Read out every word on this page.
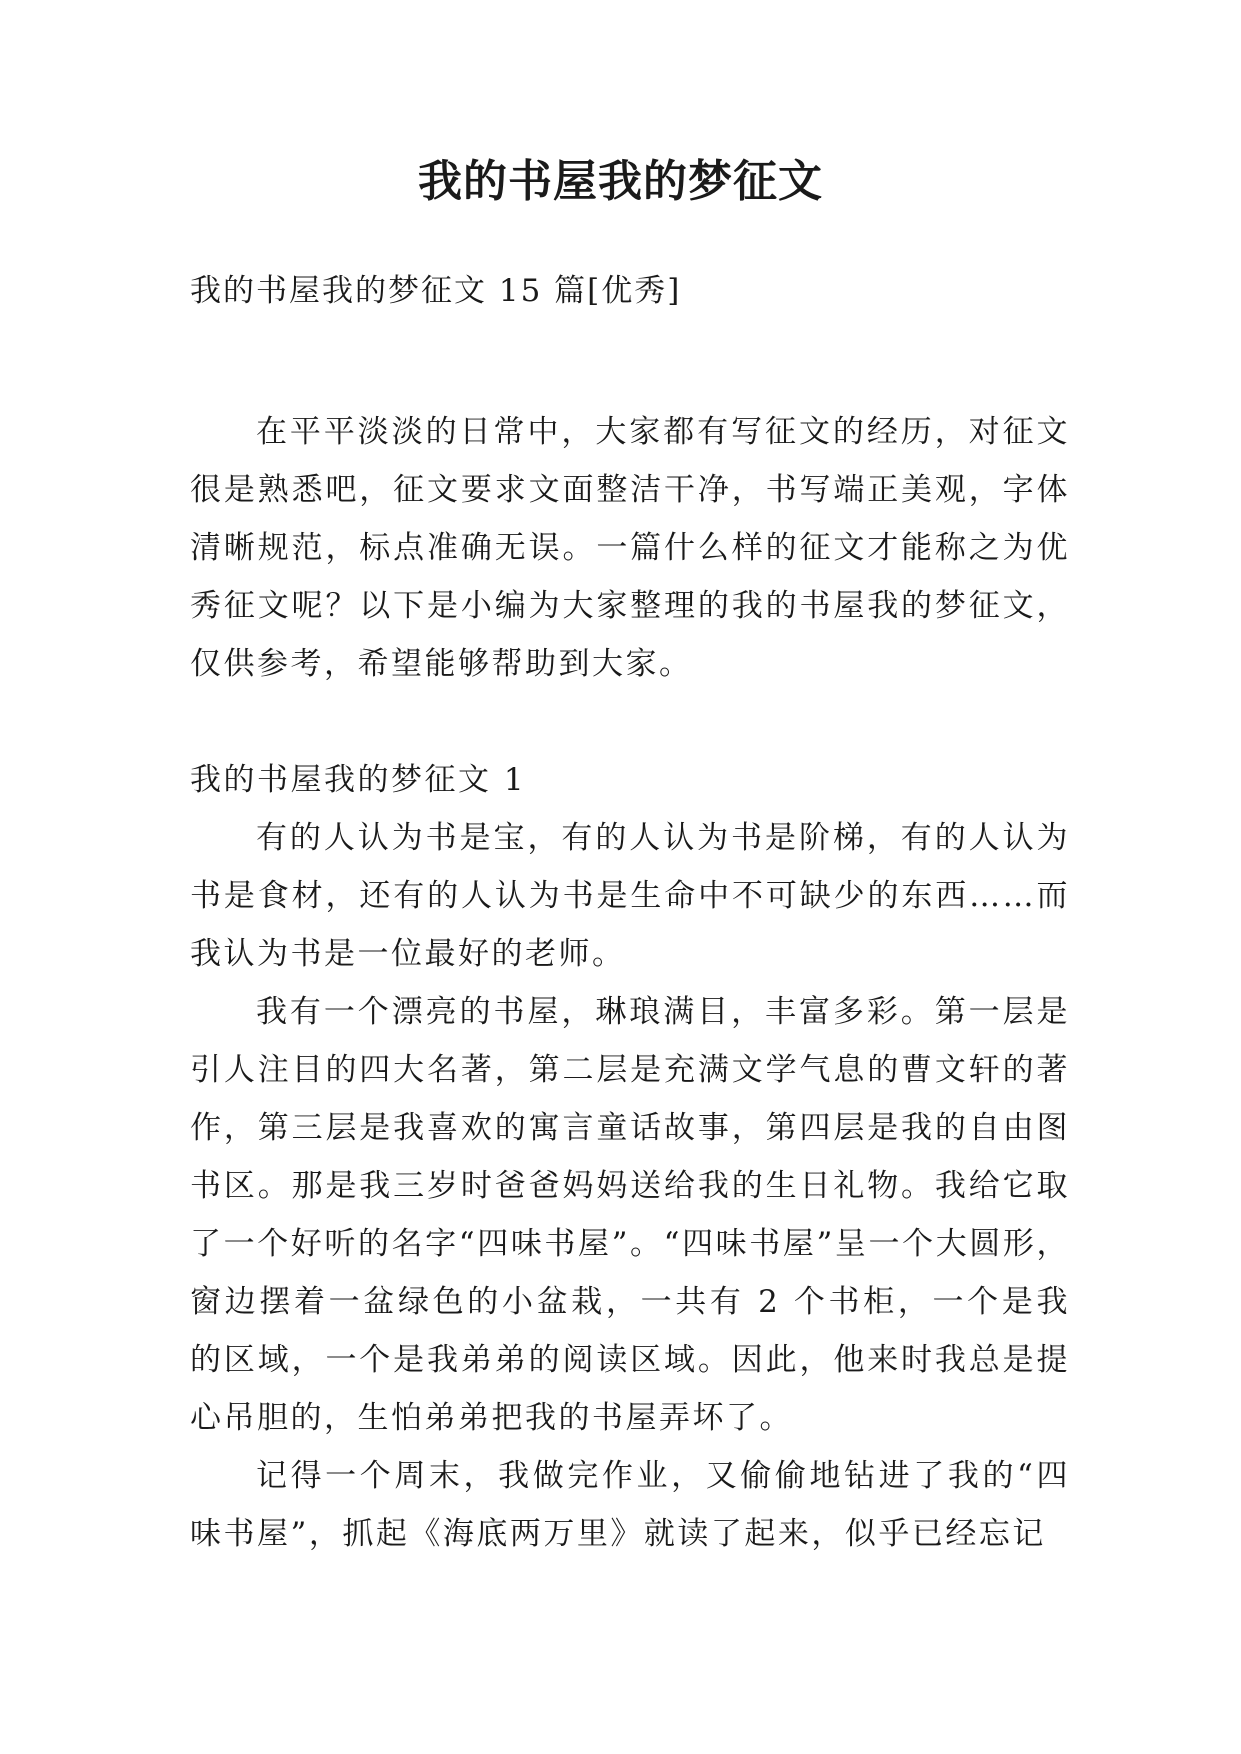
我的书屋我的梦征文
我的书屋我的梦征文 15 篇[优秀]

在平平淡淡的日常中，大家都有写征文的经历，对征文很是熟悉吧，征文要求文面整洁干净，书写端正美观，字体清晰规范，标点准确无误。一篇什么样的征文才能称之为优秀征文呢？以下是小编为大家整理的我的书屋我的梦征文，仅供参考，希望能够帮助到大家。

我的书屋我的梦征文 1

有的人认为书是宝，有的人认为书是阶梯，有的人认为书是食材，还有的人认为书是生命中不可缺少的东西……而我认为书是一位最好的老师。

我有一个漂亮的书屋，琳琅满目，丰富多彩。第一层是引人注目的四大名著，第二层是充满文学气息的曹文轩的著作，第三层是我喜欢的寓言童话故事，第四层是我的自由图书区。那是我三岁时爸爸妈妈送给我的生日礼物。我给它取了一个好听的名字“四味书屋”。“四味书屋”呈一个大圆形，窗边摆着一盆绿色的小盆栽，一共有 2 个书柜，一个是我的区域，一个是我弟弟的阅读区域。因此，他来时我总是提心吊胆的，生怕弟弟把我的书屋弄坏了。

记得一个周末，我做完作业，又偷偷地钻进了我的“四味书屋”，抓起《海底两万里》就读了起来，似乎已经忘记
